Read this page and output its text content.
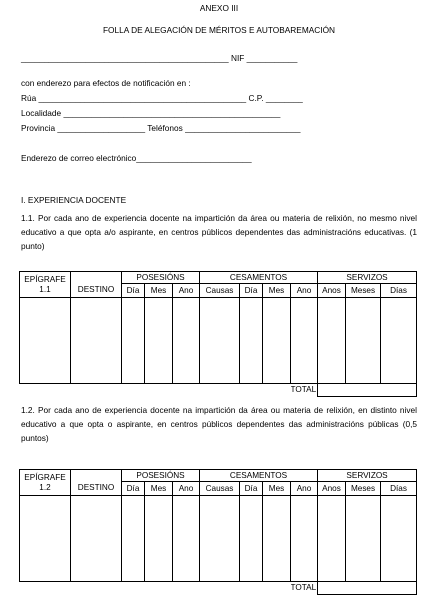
ANEXO III
FOLLA DE ALEGACIÓN DE MÉRITOS E AUTOBAREMACIÓN
_____________________________________________ NIF ___________
con enderezo para efectos de notificación en :
Rúa _____________________________________________ C.P. ________
Localidade _______________________________________________
Provincia ___________________ Teléfonos _________________________
Enderezo de correo electrónico_________________________
I. EXPERIENCIA DOCENTE
1.1. Por cada ano de experiencia docente na impartición da área ou materia de relixión, no mesmo nivel educativo a que opta a/o aspirante, en centros públicos dependentes das administracións educativas. (1 punto)
EPÍGRAFE
1.1	DESTINO	POSESIÓNS			CESAMENTOS				SERVIZOS		
		Día	Mes	Ano	Causas	Día	Mes	Ano	Anos	Meses	Días

								TOTAL			
1.2. Por cada ano de experiencia docente na impartición da área ou materia de relixión, en distinto nivel educativo a que opta o aspirante, en centros públicos dependentes das administracións públicas (0,5 puntos)
EPÍGRAFE
1.2	DESTINO	POSESIÓNS			CESAMENTOS				SERVIZOS		
		Día	Mes	Ano	Causas	Día	Mes	Ano	Anos	Meses	Días

								TOTAL			
